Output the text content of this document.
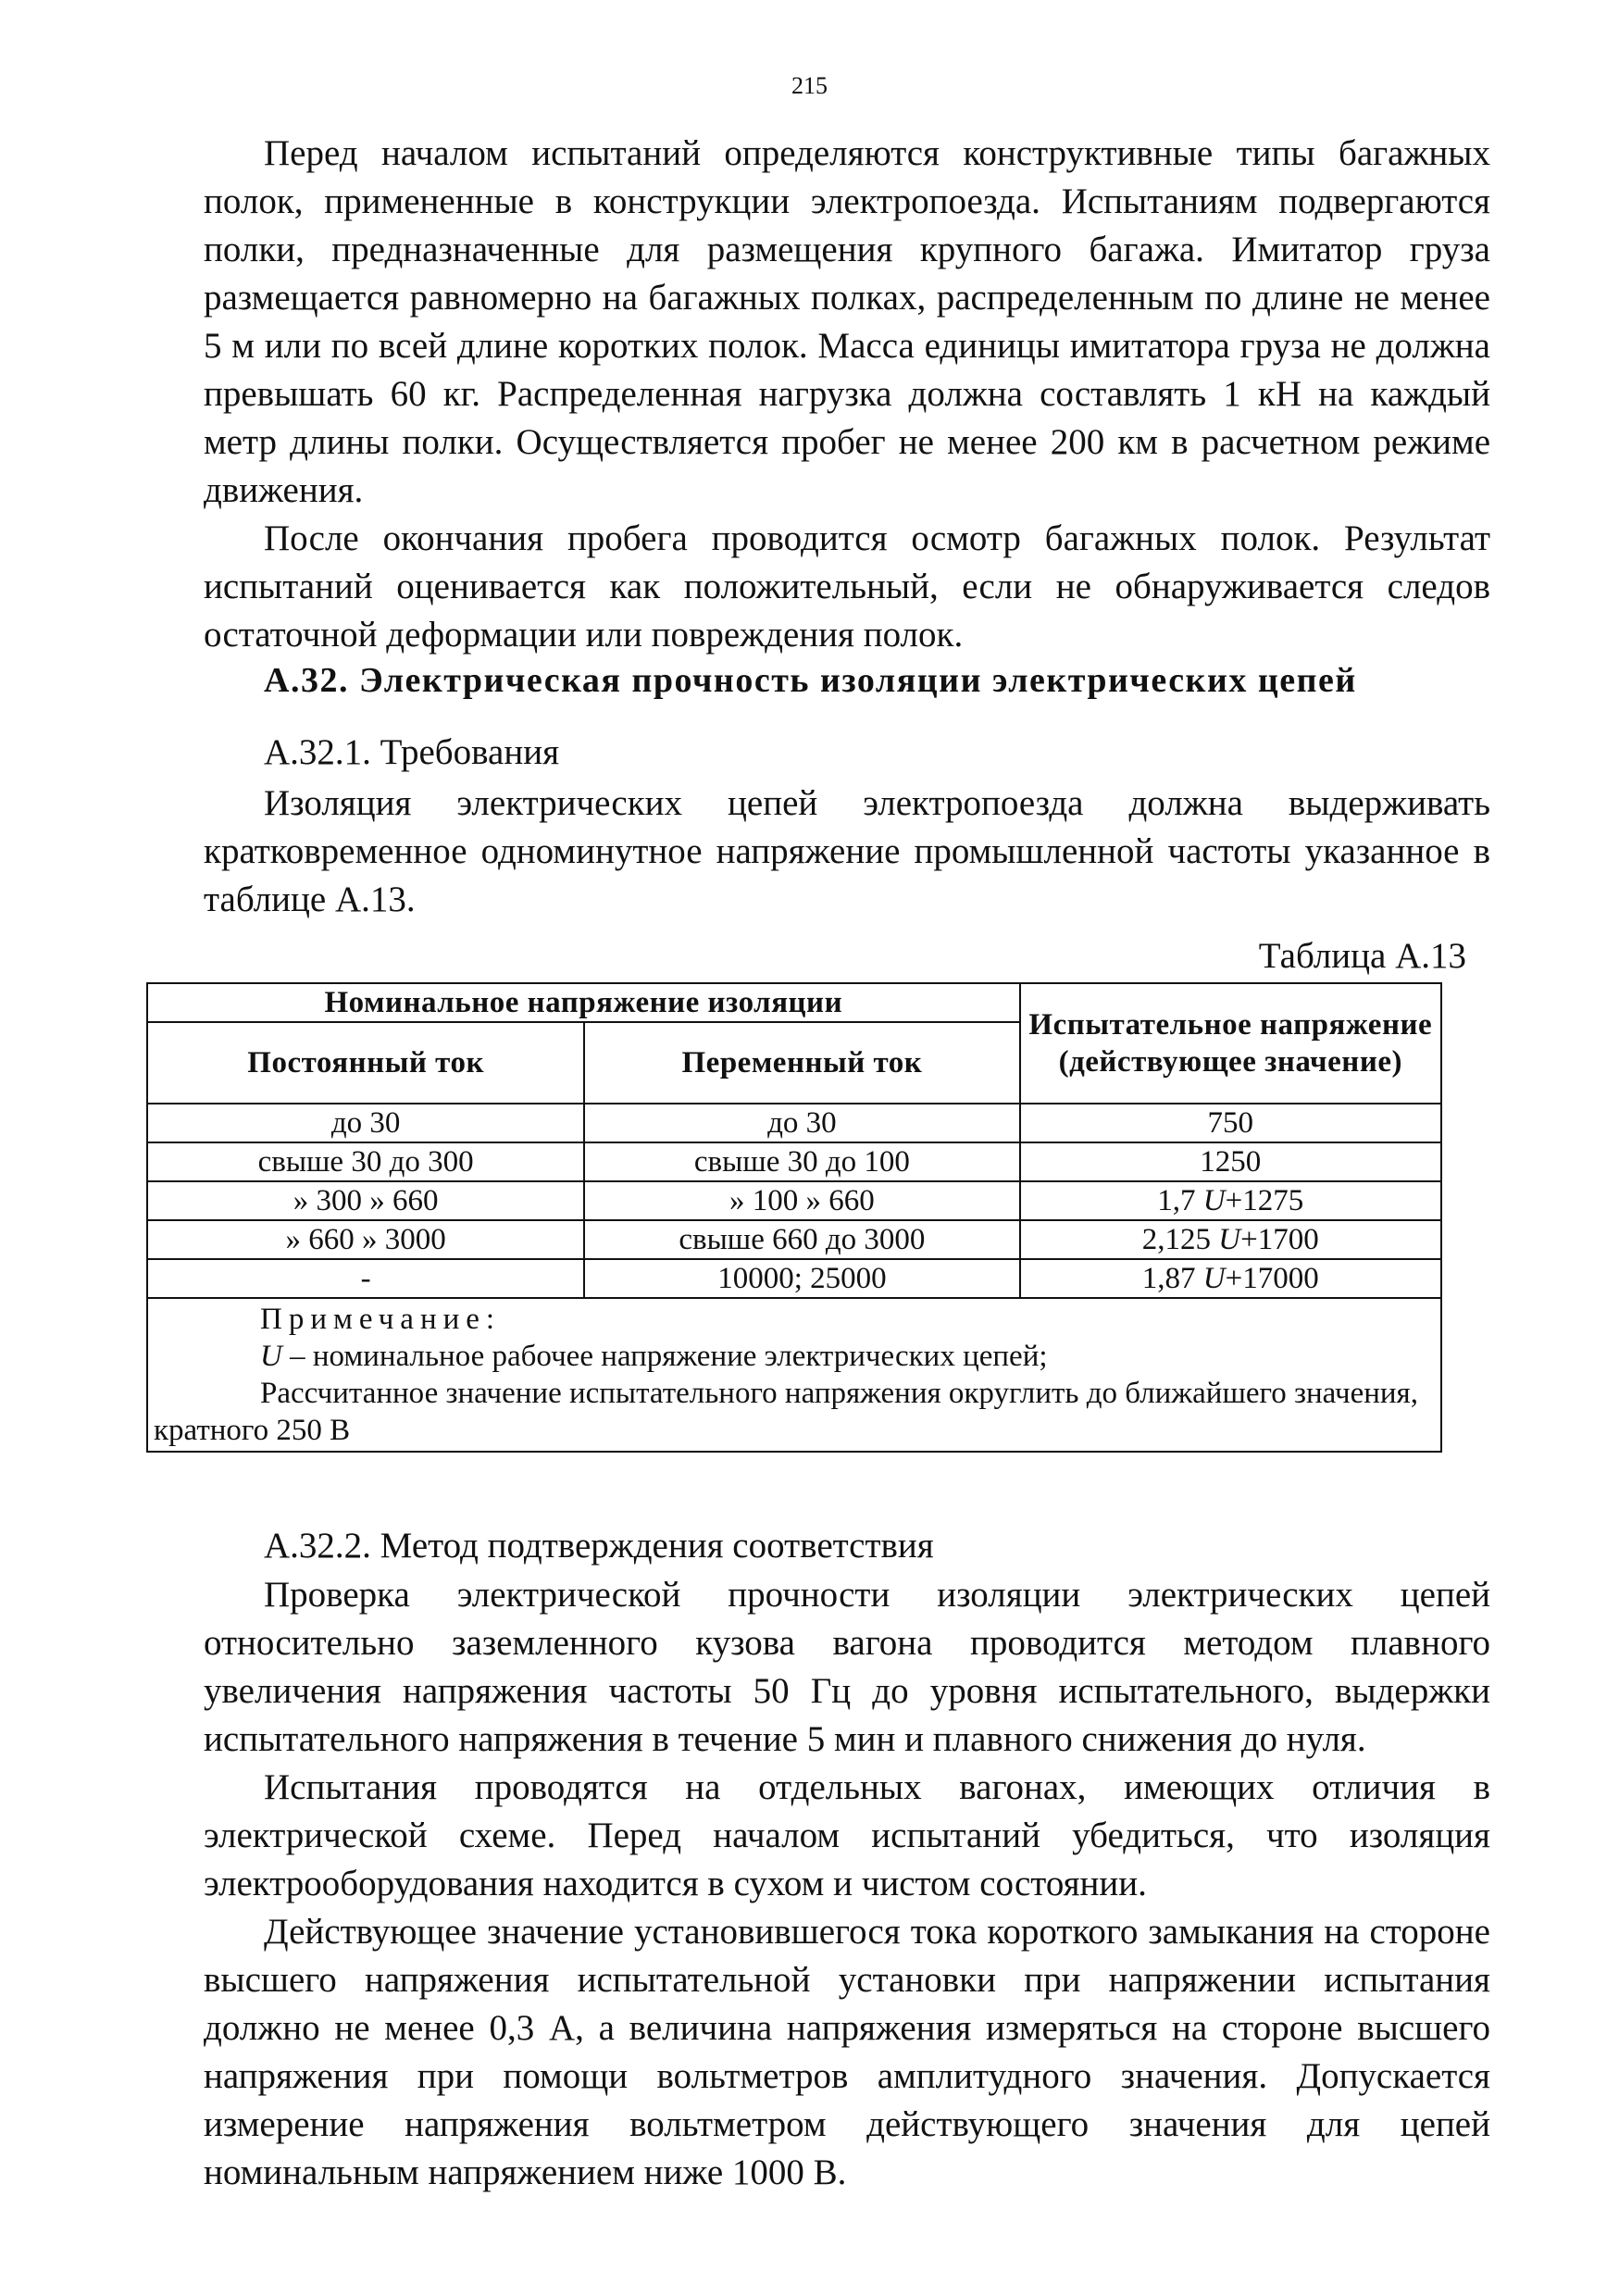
215

Перед началом испытаний определяются конструктивные типы багажных полок, примененные в конструкции электропоезда. Испытаниям подвергаются полки, предназначенные для размещения крупного багажа. Имитатор груза размещается равномерно на багажных полках, распределенным по длине не менее 5 м или по всей длине коротких полок. Масса единицы имитатора груза не должна превышать 60 кг. Распределенная нагрузка должна составлять 1 кН на каждый метр длины полки. Осуществляется пробег не менее 200 км в расчетном режиме движения.

После окончания пробега проводится осмотр багажных полок. Результат испытаний оценивается как положительный, если не обнаруживается следов остаточной деформации или повреждения полок.

А.32. Электрическая прочность изоляции электрических цепей
А.32.1. Требования

Изоляция электрических цепей электропоезда должна выдерживать кратковременное одноминутное напряжение промышленной частоты указанное в таблице А.13.

Таблица А.13
Номинальное напряжение изоляции		Испытательное напряжение (действующее значение)
Постоянный ток	Переменный ток	
до 30	до 30	750
свыше 30 до 300	свыше 30 до 100	1250
» 300 » 660	» 100 » 660	1,7 U+1275
» 660 » 3000	свыше 660 до 3000	2,125 U+1700
-	10000; 25000	1,87 U+17000

Примечание:
U – номинальное рабочее напряжение электрических цепей;
Рассчитанное значение испытательного напряжения округлить до ближайшего значения, кратного 250 В		
А.32.2. Метод подтверждения соответствия

Проверка электрической прочности изоляции электрических цепей относительно заземленного кузова вагона проводится методом плавного увеличения напряжения частоты 50 Гц до уровня испытательного, выдержки испытательного напряжения в течение 5 мин и плавного снижения до нуля.

Испытания проводятся на отдельных вагонах, имеющих отличия в электрической схеме. Перед началом испытаний убедиться, что изоляция электрооборудования находится в сухом и чистом состоянии.

Действующее значение установившегося тока короткого замыкания на стороне высшего напряжения испытательной установки при напряжении испытания должно не менее 0,3 А, а величина напряжения измеряться на стороне высшего напряжения при помощи вольтметров амплитудного значения. Допускается измерение напряжения вольтметром действующего значения для цепей номинальным напряжением ниже 1000 В.
